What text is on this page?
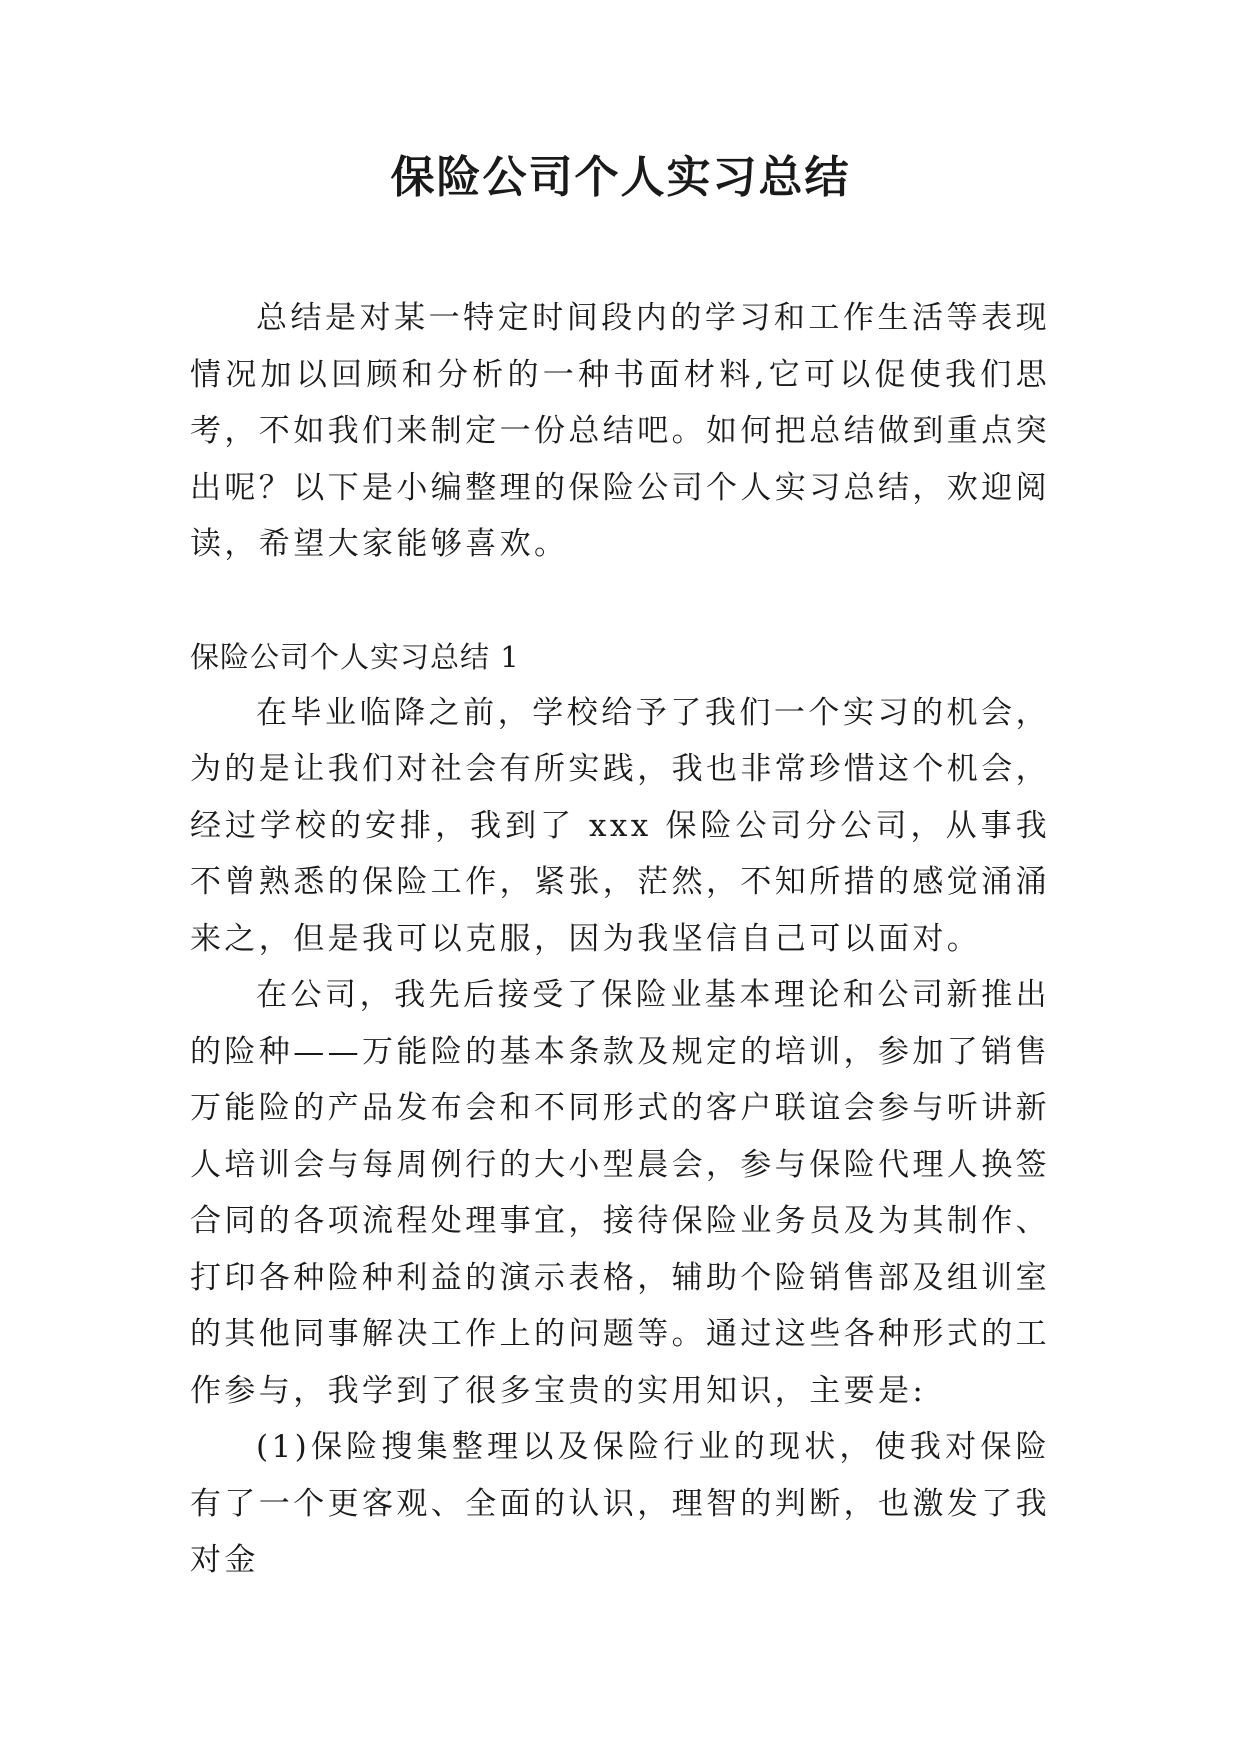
保险公司个人实习总结

总结是对某一特定时间段内的学习和工作生活等表现情况加以回顾和分析的一种书面材料,它可以促使我们思考，不如我们来制定一份总结吧。如何把总结做到重点突出呢？以下是小编整理的保险公司个人实习总结，欢迎阅读，希望大家能够喜欢。

保险公司个人实习总结 1

在毕业临降之前，学校给予了我们一个实习的机会，为的是让我们对社会有所实践，我也非常珍惜这个机会，经过学校的安排，我到了 xxx 保险公司分公司，从事我不曾熟悉的保险工作，紧张，茫然，不知所措的感觉涌涌来之，但是我可以克服，因为我坚信自己可以面对。

在公司，我先后接受了保险业基本理论和公司新推出的险种——万能险的基本条款及规定的培训，参加了销售万能险的产品发布会和不同形式的客户联谊会参与听讲新人培训会与每周例行的大小型晨会，参与保险代理人换签合同的各项流程处理事宜，接待保险业务员及为其制作、打印各种险种利益的演示表格，辅助个险销售部及组训室的其他同事解决工作上的问题等。通过这些各种形式的工作参与，我学到了很多宝贵的实用知识，主要是:

(1)保险搜集整理以及保险行业的现状，使我对保险有了一个更客观、全面的认识，理智的判断，也激发了我对金
